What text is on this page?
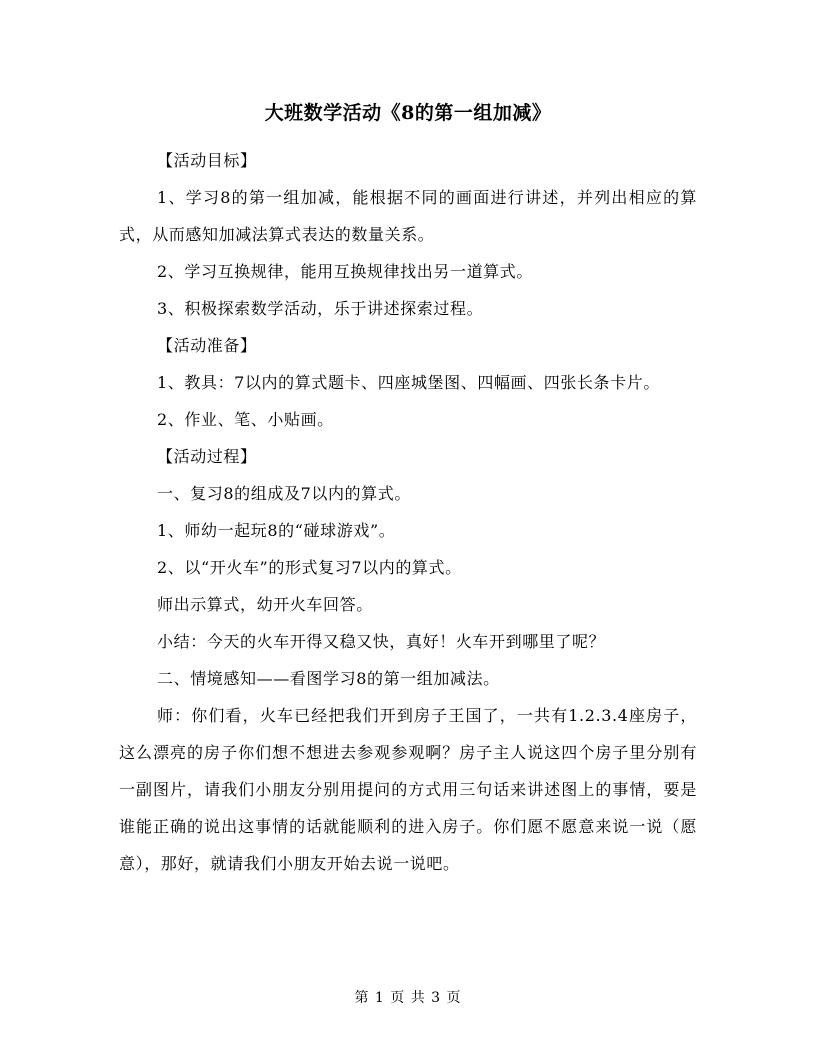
大班数学活动《8的第一组加减》

【活动目标】

1、学习8的第一组加减，能根据不同的画面进行讲述，并列出相应的算式，从而感知加减法算式表达的数量关系。

2、学习互换规律，能用互换规律找出另一道算式。

3、积极探索数学活动，乐于讲述探索过程。

【活动准备】

1、教具：7以内的算式题卡、四座城堡图、四幅画、四张长条卡片。

2、作业、笔、小贴画。

【活动过程】

一、复习8的组成及7以内的算式。

1、师幼一起玩8的“碰球游戏”。

2、以“开火车”的形式复习7以内的算式。

师出示算式，幼开火车回答。

小结：今天的火车开得又稳又快，真好！火车开到哪里了呢？

二、情境感知——看图学习8的第一组加减法。

师：你们看，火车已经把我们开到房子王国了，一共有1.2.3.4座房子，这么漂亮的房子你们想不想进去参观参观啊？房子主人说这四个房子里分别有一副图片，请我们小朋友分别用提问的方式用三句话来讲述图上的事情，要是谁能正确的说出这事情的话就能顺利的进入房子。你们愿不愿意来说一说（愿意），那好，就请我们小朋友开始去说一说吧。

第 1 页 共 3 页
